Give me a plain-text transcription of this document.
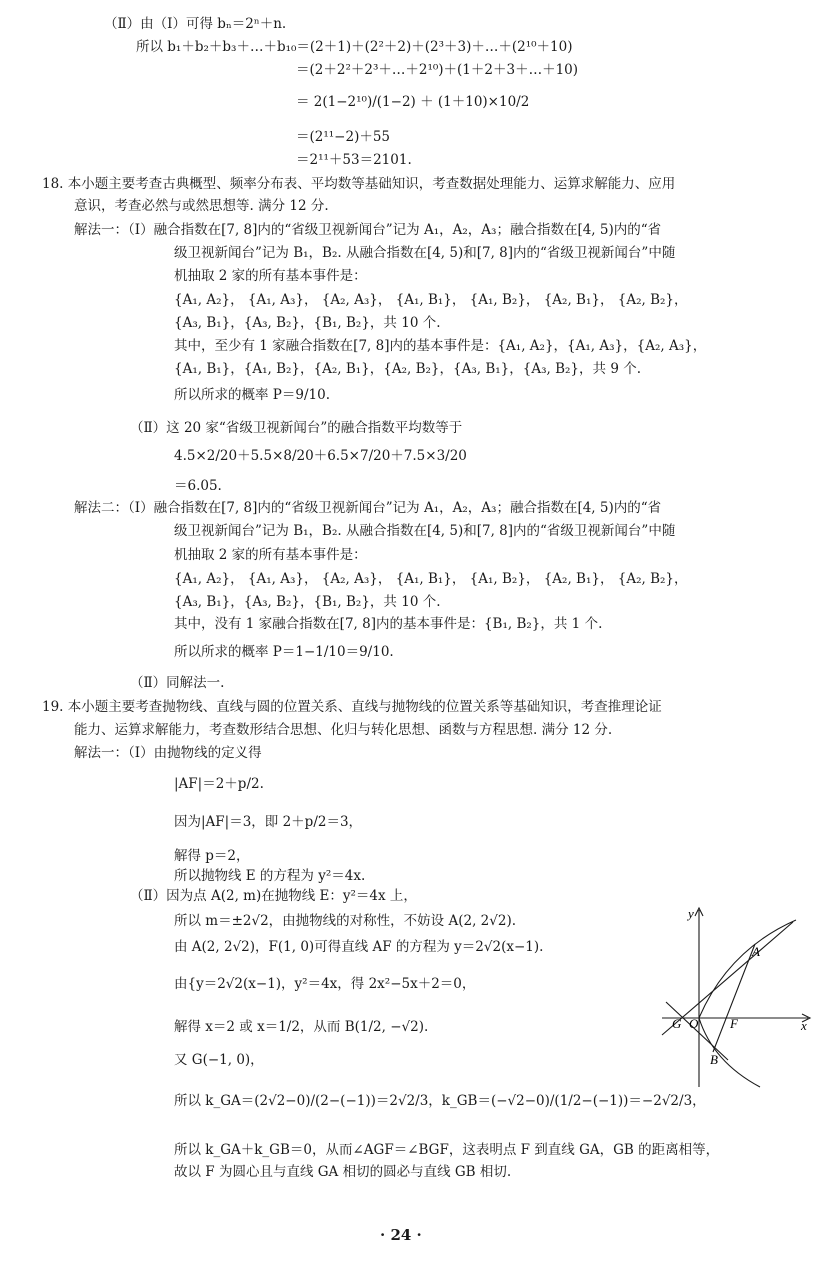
（Ⅱ）由（Ⅰ）可得 bₙ＝2ⁿ＋n.
所以 b₁＋b₂＋b₃＋…＋b₁₀＝(2＋1)＋(2²＋2)＋(2³＋3)＋…＋(2¹⁰＋10)
＝(2＋2²＋2³＋…＋2¹⁰)＋(1＋2＋3＋…＋10)
＝ 2(1−2¹⁰)/(1−2) ＋ (1＋10)×10/2
＝(2¹¹−2)＋55
＝2¹¹＋53＝2101.
18. 本小题主要考查古典概型、频率分布表、平均数等基础知识，考查数据处理能力、运算求解能力、应用
意识，考查必然与或然思想等. 满分 12 分.
解法一：（Ⅰ）融合指数在[7, 8]内的“省级卫视新闻台”记为 A₁，A₂，A₃；融合指数在[4, 5)内的“省
级卫视新闻台”记为 B₁，B₂. 从融合指数在[4, 5)和[7, 8]内的“省级卫视新闻台”中随
机抽取 2 家的所有基本事件是：
{A₁, A₂}， {A₁, A₃}， {A₂, A₃}， {A₁, B₁}， {A₁, B₂}， {A₂, B₁}， {A₂, B₂}，
{A₃, B₁}，{A₃, B₂}，{B₁, B₂}，共 10 个.
其中，至少有 1 家融合指数在[7, 8]内的基本事件是：{A₁, A₂}，{A₁, A₃}，{A₂, A₃}，
{A₁, B₁}，{A₁, B₂}，{A₂, B₁}，{A₂, B₂}，{A₃, B₁}，{A₃, B₂}，共 9 个.
所以所求的概率 P＝9/10.
（Ⅱ）这 20 家“省级卫视新闻台”的融合指数平均数等于
4.5×2/20＋5.5×8/20＋6.5×7/20＋7.5×3/20
＝6.05.
解法二：（Ⅰ）融合指数在[7, 8]内的“省级卫视新闻台”记为 A₁，A₂，A₃；融合指数在[4, 5)内的“省
级卫视新闻台”记为 B₁，B₂. 从融合指数在[4, 5)和[7, 8]内的“省级卫视新闻台”中随
机抽取 2 家的所有基本事件是：
{A₁, A₂}， {A₁, A₃}， {A₂, A₃}， {A₁, B₁}， {A₁, B₂}， {A₂, B₁}， {A₂, B₂}，
{A₃, B₁}，{A₃, B₂}，{B₁, B₂}，共 10 个.
其中，没有 1 家融合指数在[7, 8]内的基本事件是：{B₁, B₂}，共 1 个.
所以所求的概率 P＝1−1/10＝9/10.
（Ⅱ）同解法一.
19. 本小题主要考查抛物线、直线与圆的位置关系、直线与抛物线的位置关系等基础知识，考查推理论证
能力、运算求解能力，考查数形结合思想、化归与转化思想、函数与方程思想. 满分 12 分.
解法一：（Ⅰ）由抛物线的定义得
|AF|＝2＋p/2.
因为|AF|＝3，即 2＋p/2＝3，
解得 p＝2，
所以抛物线 E 的方程为 y²＝4x.
（Ⅱ）因为点 A(2, m)在抛物线 E：y²＝4x 上，
所以 m＝±2√2，由抛物线的对称性，不妨设 A(2, 2√2).
由 A(2, 2√2)，F(1, 0)可得直线 AF 的方程为 y＝2√2(x−1).
由{y＝2√2(x−1)，y²＝4x，得 2x²−5x＋2＝0，
解得 x＝2 或 x＝1/2，从而 B(1/2, −√2).
又 G(−1, 0)，
所以 k_GA＝(2√2−0)/(2−(−1))＝2√2/3，k_GB＝(−√2−0)/(1/2−(−1))＝−2√2/3，
所以 k_GA＋k_GB＝0，从而∠AGF＝∠BGF，这表明点 F 到直线 GA，GB 的距离相等，
故以 F 为圆心且与直线 GA 相切的圆必与直线 GB 相切.
y
x
A
B
G O F
· 24 ·
